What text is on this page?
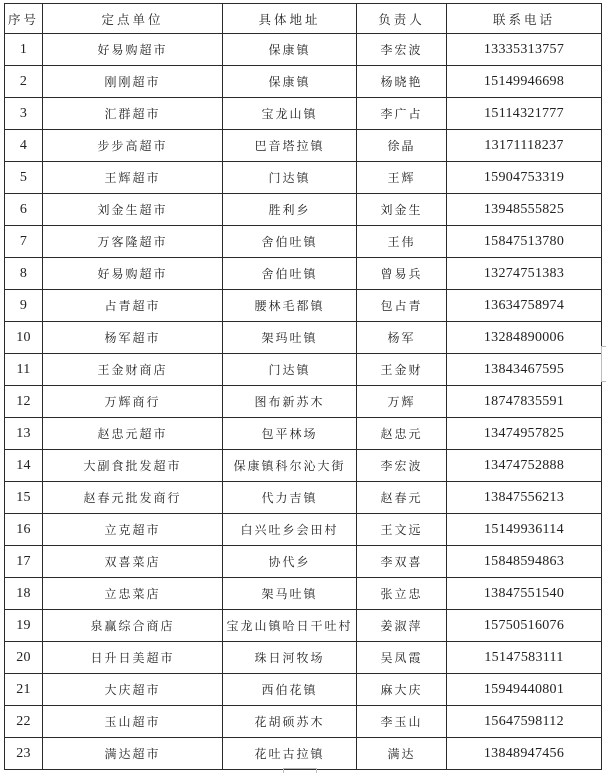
序号	定点单位	具体地址	负责人	联系电话
1	好易购超市	保康镇	李宏波	13335313757
2	刚刚超市	保康镇	杨晓艳	15149946698
3	汇群超市	宝龙山镇	李广占	15114321777
4	步步高超市	巴音塔拉镇	徐晶	13171118237
5	王辉超市	门达镇	王辉	15904753319
6	刘金生超市	胜利乡	刘金生	13948555825
7	万客隆超市	舍伯吐镇	王伟	15847513780
8	好易购超市	舍伯吐镇	曾易兵	13274751383
9	占青超市	腰林毛都镇	包占青	13634758974
10	杨军超市	架玛吐镇	杨军	13284890006
11	王金财商店	门达镇	王金财	13843467595
12	万辉商行	图布新苏木	万辉	18747835591
13	赵忠元超市	包平林场	赵忠元	13474957825
14	大副食批发超市	保康镇科尔沁大街	李宏波	13474752888
15	赵春元批发商行	代力吉镇	赵春元	13847556213
16	立克超市	白兴吐乡会田村	王文远	15149936114
17	双喜菜店	协代乡	李双喜	15848594863
18	立忠菜店	架马吐镇	张立忠	13847551540
19	泉赢综合商店	宝龙山镇哈日干吐村	姜淑萍	15750516076
20	日升日美超市	珠日河牧场	吴凤霞	15147583111
21	大庆超市	西伯花镇	麻大庆	15949440801
22	玉山超市	花胡硕苏木	李玉山	15647598112
23	满达超市	花吐古拉镇	满达	13848947456
